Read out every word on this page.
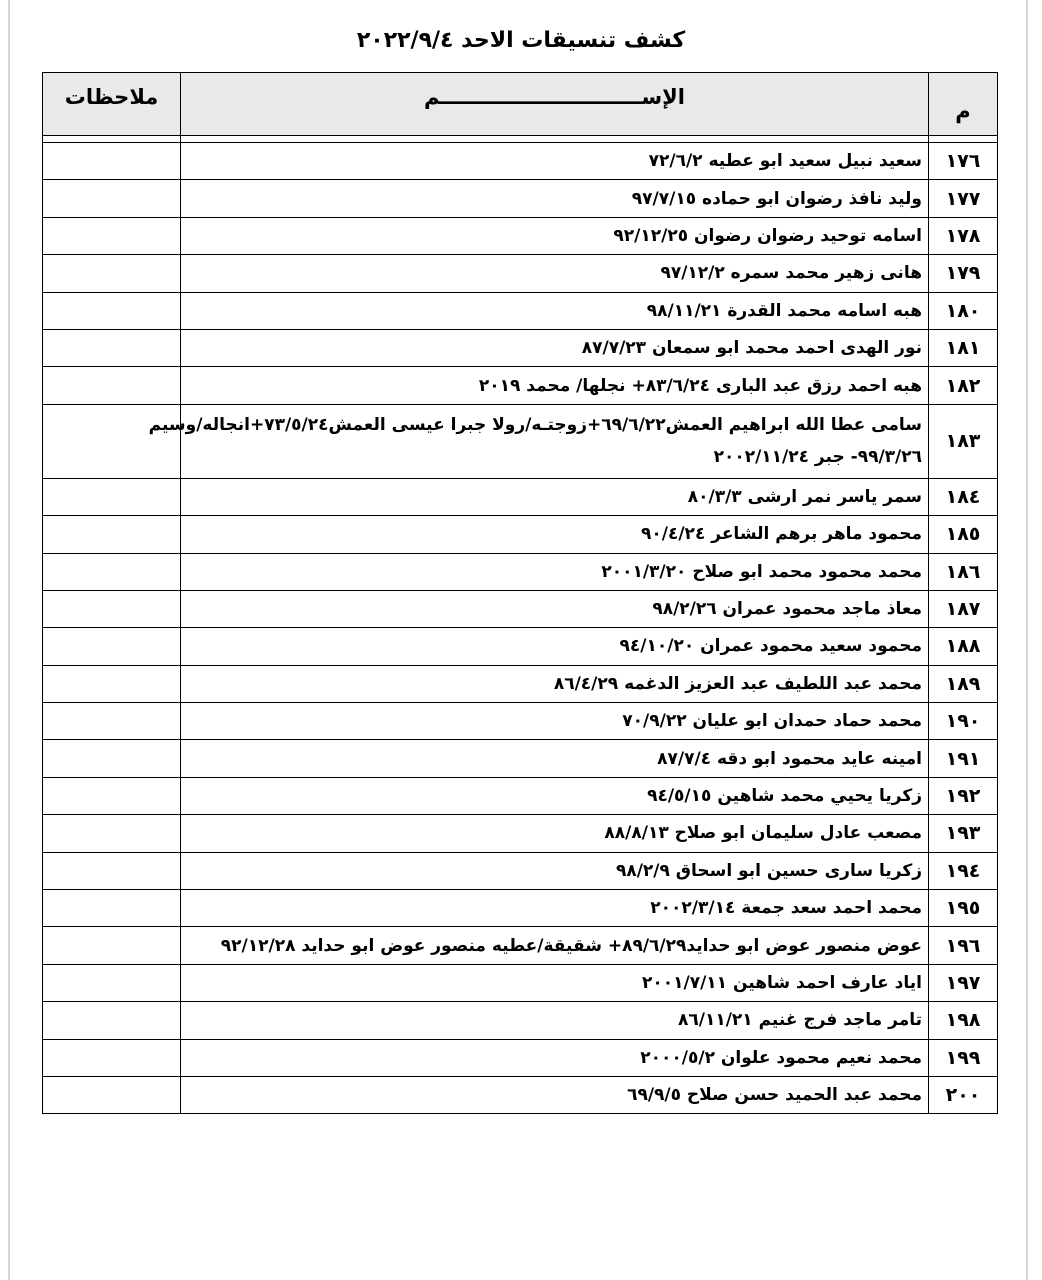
كشف تنسيقات الاحد ٢٠٢٢/٩/٤
م	الإســــــــــــــــــــــــــــم	ملاحظات

١٧٦	سعيد نبيل سعيد ابو عطيه ٧٢/٦/٢	
١٧٧	وليد نافذ رضوان ابو حماده ٩٧/٧/١٥	
١٧٨	اسامه توحيد رضوان رضوان ٩٢/١٢/٢٥	
١٧٩	هانى زهير محمد سمره ٩٧/١٢/٢	
١٨٠	هبه اسامه محمد القدرة ٩٨/١١/٢١	
١٨١	نور الهدى احمد محمد ابو سمعان ٨٧/٧/٢٣	
١٨٢	هبه احمد رزق عبد البارى ٨٣/٦/٢٤+ نجلها/ محمد ٢٠١٩	
١٨٣	سامى عطا الله ابراهيم العمش٦٩/٦/٢٢+زوجتـه/رولا جبرا عيسى العمش٧٣/٥/٢٤+انجاله/وسيم
٩٩/٣/٢٦- جبر ٢٠٠٢/١١/٢٤	

١٨٤	سمر ياسر نمر ارشى ٨٠/٣/٣	
١٨٥	محمود ماهر برهم الشاعر ٩٠/٤/٢٤	
١٨٦	محمد محمود محمد ابو صلاح ٢٠٠١/٣/٢٠	
١٨٧	معاذ ماجد محمود عمران ٩٨/٢/٢٦	
١٨٨	محمود سعيد محمود عمران ٩٤/١٠/٢٠	
١٨٩	محمد عبد اللطيف عبد العزيز الدغمه ٨٦/٤/٢٩	
١٩٠	محمد حماد حمدان ابو عليان ٧٠/٩/٢٢	
١٩١	امينه عايد محمود ابو دقه ٨٧/٧/٤	
١٩٢	زكريا يحيي محمد شاهين ٩٤/٥/١٥	
١٩٣	مصعب عادل سليمان ابو صلاح ٨٨/٨/١٣	
١٩٤	زكريا سارى حسين ابو اسحاق ٩٨/٢/٩	
١٩٥	محمد احمد سعد جمعة ٢٠٠٢/٣/١٤	
١٩٦	عوض منصور عوض ابو حدايد٨٩/٦/٢٩+ شقيقة/عطيه منصور عوض ابو حدايد ٩٢/١٢/٢٨	
١٩٧	اياد عارف احمد شاهين ٢٠٠١/٧/١١	
١٩٨	تامر ماجد فرج غنيم ٨٦/١١/٢١	
١٩٩	محمد نعيم محمود علوان ٢٠٠٠/٥/٢	
٢٠٠	محمد عبد الحميد حسن صلاح ٦٩/٩/٥	
